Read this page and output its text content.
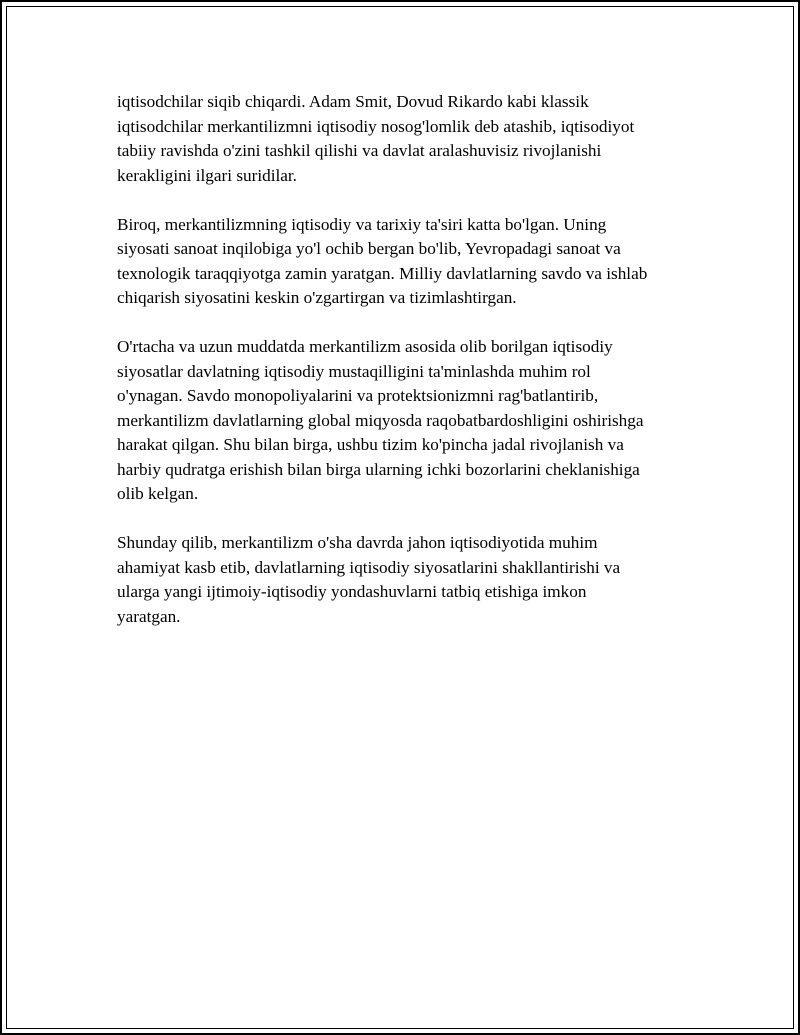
iqtisodchilar siqib chiqardi. Adam Smit, Dovud Rikardo kabi klassik
iqtisodchilar merkantilizmni iqtisodiy nosog'lomlik deb atashib, iqtisodiyot
tabiiy ravishda o'zini tashkil qilishi va davlat aralashuvisiz rivojlanishi
kerakligini ilgari suridilar.

Biroq, merkantilizmning iqtisodiy va tarixiy ta'siri katta bo'lgan. Uning
siyosati sanoat inqilobiga yo'l ochib bergan bo'lib, Yevropadagi sanoat va
texnologik taraqqiyotga zamin yaratgan. Milliy davlatlarning savdo va ishlab
chiqarish siyosatini keskin o'zgartirgan va tizimlashtirgan.

O'rtacha va uzun muddatda merkantilizm asosida olib borilgan iqtisodiy
siyosatlar davlatning iqtisodiy mustaqilligini ta'minlashda muhim rol
o'ynagan. Savdo monopoliyalarini va protektsionizmni rag'batlantirib,
merkantilizm davlatlarning global miqyosda raqobatbardoshligini oshirishga
harakat qilgan. Shu bilan birga, ushbu tizim ko'pincha jadal rivojlanish va
harbiy qudratga erishish bilan birga ularning ichki bozorlarini cheklanishiga
olib kelgan.

Shunday qilib, merkantilizm o'sha davrda jahon iqtisodiyotida muhim
ahamiyat kasb etib, davlatlarning iqtisodiy siyosatlarini shakllantirishi va
ularga yangi ijtimoiy-iqtisodiy yondashuvlarni tatbiq etishiga imkon
yaratgan.
